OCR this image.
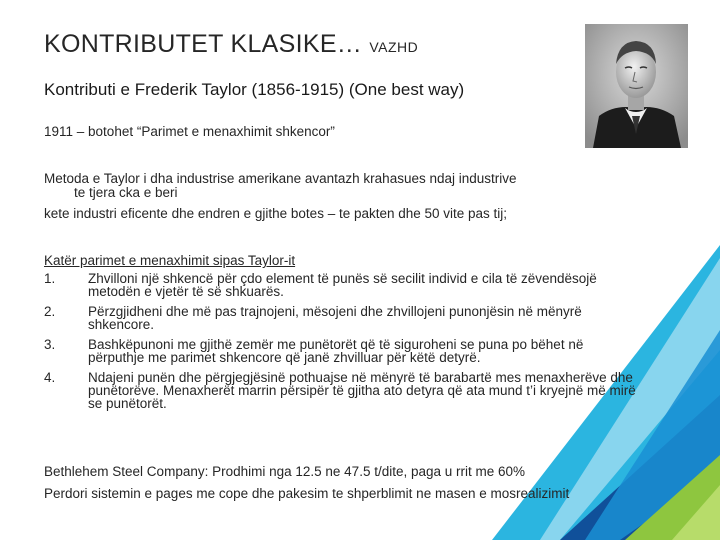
KONTRIBUTET KLASIKE… VAZHD
Kontributi e Frederik Taylor (1856-1915) (One best way)
1911 – botohet “Parimet e menaxhimit shkencor”
Metoda e Taylor i dha industrise amerikane avantazh krahasues ndaj industrive
te tjera cka e beri
kete industri eficente dhe endren e gjithe botes – te pakten dhe 50 vite pas tij;
Katër parimet e menaxhimit sipas Taylor-it
1. Zhvilloni një shkencë për çdo element të punës së secilit individ e cila të zëvendësojë metodën e vjetër të së shkuarës.
2. Përzgjidheni dhe më pas trajnojeni, mësojeni dhe zhvillojeni punonjësin në mënyrë shkencore.
3. Bashkëpunoni me gjithë zemër me punëtorët që të siguroheni se puna po bëhet në përputhje me parimet shkencore që janë zhvilluar për këtë detyrë.
4. Ndajeni punën dhe përgjegjësinë pothuajse në mënyrë të barabartë mes menaxherëve dhe punëtorëve. Menaxherët marrin përsipër të gjitha ato detyra që ata mund t’i kryejnë më mirë se punëtorët.
Bethlehem Steel Company: Prodhimi nga 12.5 ne 47.5 t/dite, paga u rrit me 60%
Perdori sistemin e pages me cope dhe pakesim te shperblimit ne masen e mosrealizimit
